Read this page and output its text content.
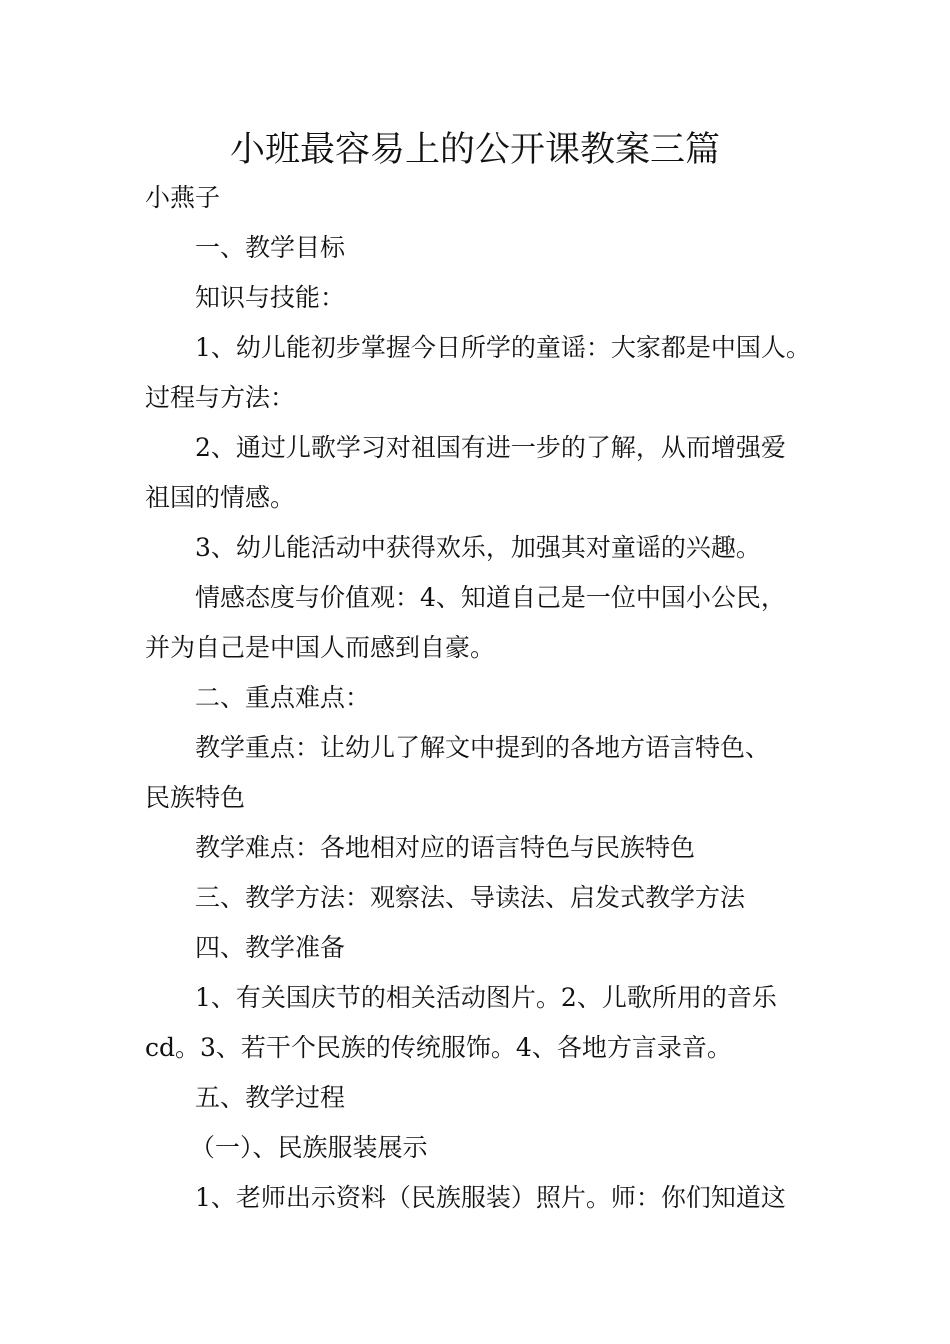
小班最容易上的公开课教案三篇
小燕子
一、教学目标
知识与技能：
1、幼儿能初步掌握今日所学的童谣：大家都是中国人。
过程与方法：
2、通过儿歌学习对祖国有进一步的了解，从而增强爱
祖国的情感。
3、幼儿能活动中获得欢乐，加强其对童谣的兴趣。
情感态度与价值观：4、知道自己是一位中国小公民，
并为自己是中国人而感到自豪。
二、重点难点：
教学重点：让幼儿了解文中提到的各地方语言特色、
民族特色
教学难点：各地相对应的语言特色与民族特色
三、教学方法：观察法、导读法、启发式教学方法
四、教学准备
1、有关国庆节的相关活动图片。2、儿歌所用的音乐
cd。3、若干个民族的传统服饰。4、各地方言录音。
五、教学过程
（一）、民族服装展示
1、老师出示资料（民族服装）照片。师：你们知道这
